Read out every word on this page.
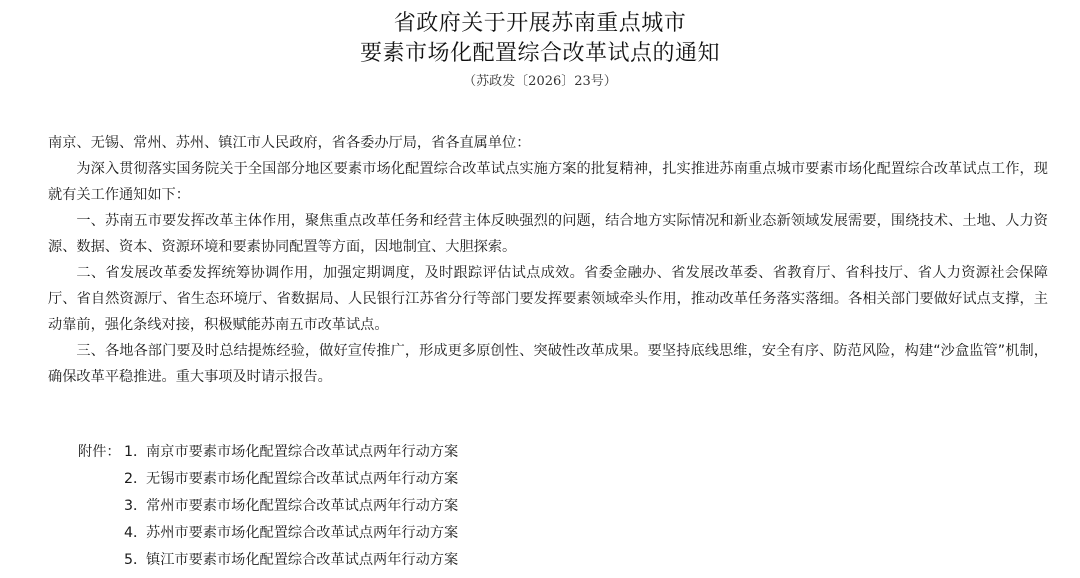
省政府关于开展苏南重点城市
要素市场化配置综合改革试点的通知
（苏政发〔2026〕23号）

南京、无锡、常州、苏州、镇江市人民政府，省各委办厅局，省各直属单位：

为深入贯彻落实国务院关于全国部分地区要素市场化配置综合改革试点实施方案的批复精神，扎实推进苏南重点城市要素市场化配置综合改革试点工作，现就有关工作通知如下：

一、苏南五市要发挥改革主体作用，聚焦重点改革任务和经营主体反映强烈的问题，结合地方实际情况和新业态新领域发展需要，围绕技术、土地、人力资源、数据、资本、资源环境和要素协同配置等方面，因地制宜、大胆探索。

二、省发展改革委发挥统筹协调作用，加强定期调度，及时跟踪评估试点成效。省委金融办、省发展改革委、省教育厅、省科技厅、省人力资源社会保障厅、省自然资源厅、省生态环境厅、省数据局、人民银行江苏省分行等部门要发挥要素领域牵头作用，推动改革任务落实落细。各相关部门要做好试点支撑，主动靠前，强化条线对接，积极赋能苏南五市改革试点。

三、各地各部门要及时总结提炼经验，做好宣传推广，形成更多原创性、突破性改革成果。要坚持底线思维，安全有序、防范风险，构建“沙盒监管”机制，确保改革平稳推进。重大事项及时请示报告。

附件： 1．南京市要素市场化配置综合改革试点两年行动方案
2．无锡市要素市场化配置综合改革试点两年行动方案
3．常州市要素市场化配置综合改革试点两年行动方案
4．苏州市要素市场化配置综合改革试点两年行动方案
5．镇江市要素市场化配置综合改革试点两年行动方案
